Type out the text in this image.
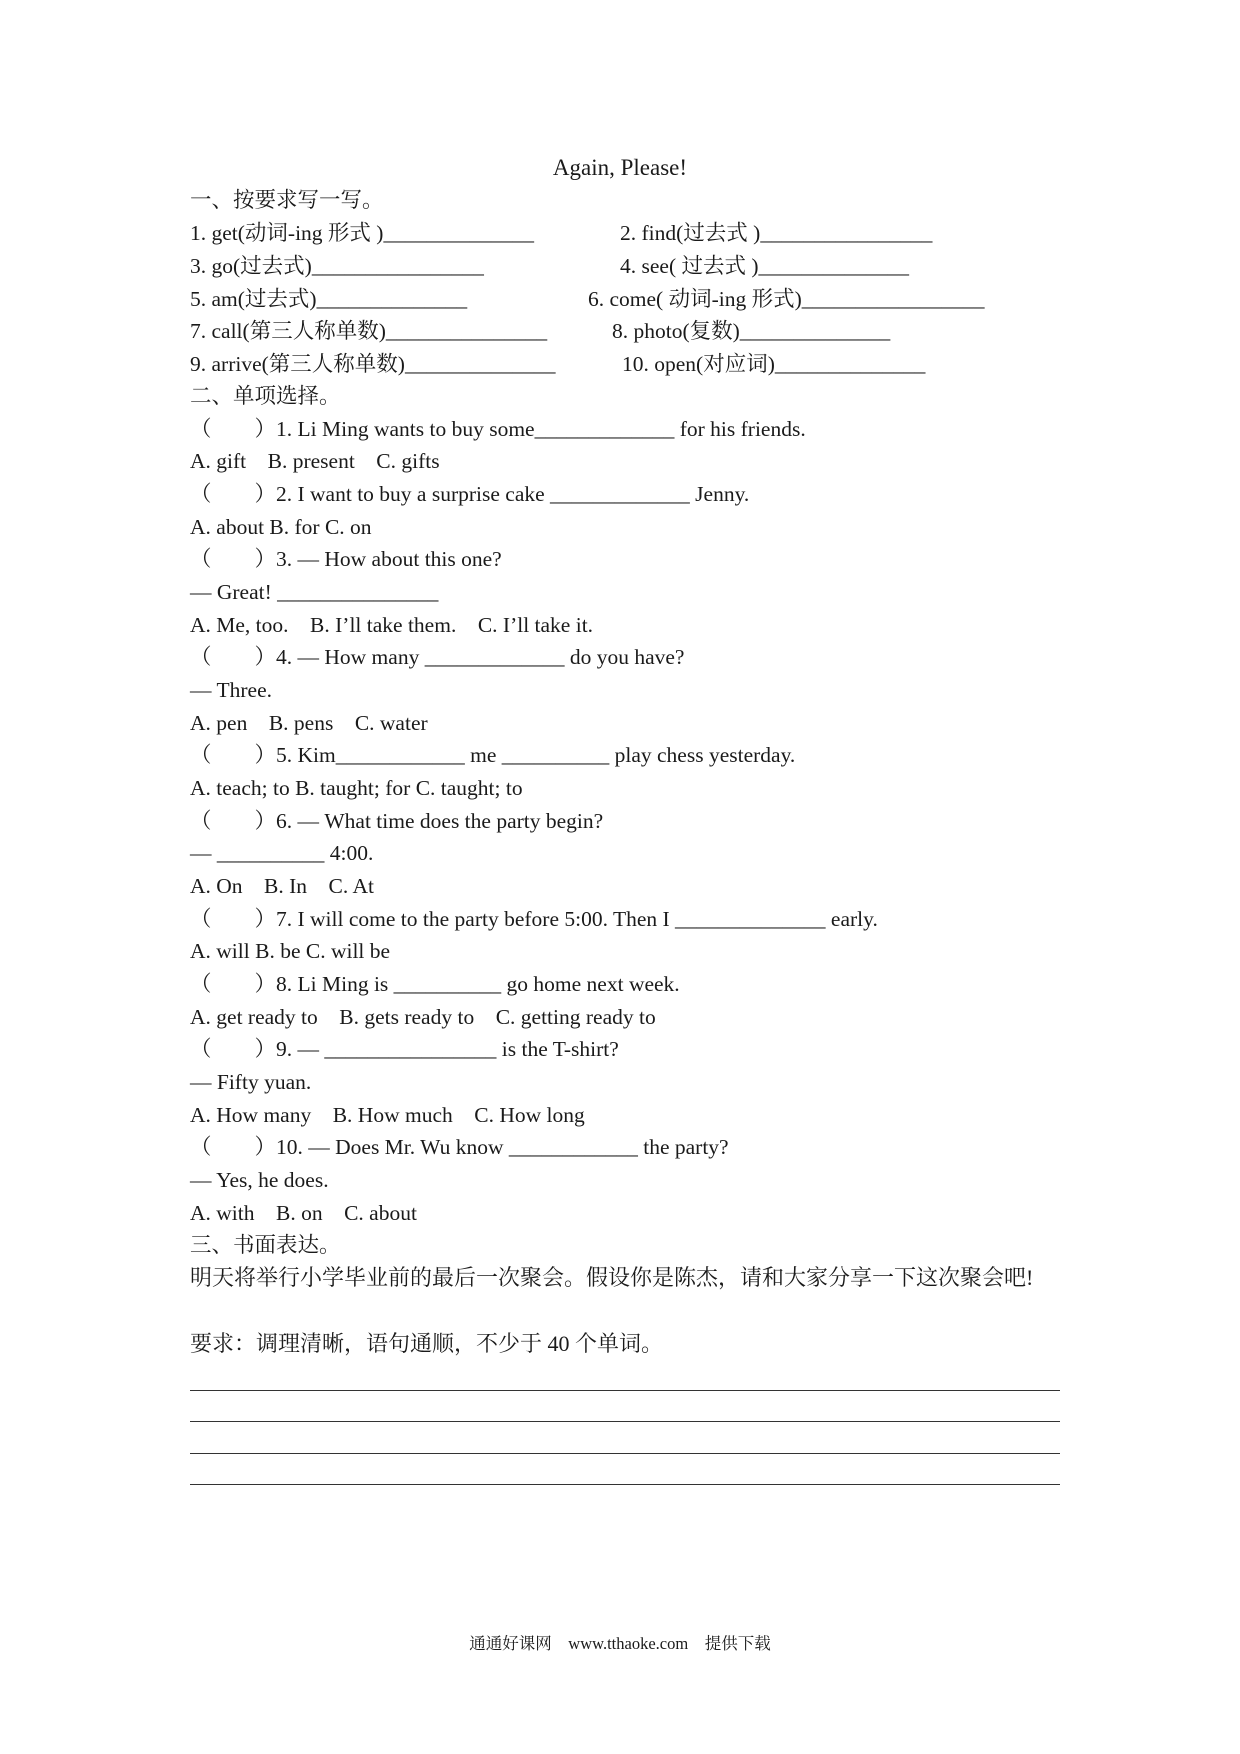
Again, Please!
一、按要求写一写。
1. get(动词-ing 形式 )______________	2. find(过去式 )________________
3. go(过去式)________________	4. see( 过去式 )______________
5. am(过去式)______________	6. come( 动词-ing 形式)_________________
7. call(第三人称单数)_______________	8. photo(复数)______________
9. arrive(第三人称单数)______________	10. open(对应词)______________
二、单项选择。
（　　）1. Li Ming wants to buy some_____________ for his friends.
A. gift　B. present　C. gifts
（　　）2. I want to buy a surprise cake _____________ Jenny.
A. about B. for C. on
（　　）3. — How about this one?
— Great! _______________
A. Me, too.　B. I’ll take them.　C. I’ll take it.
（　　）4. — How many _____________ do you have?
— Three.
A. pen　B. pens　C. water
（　　）5. Kim____________ me __________ play chess yesterday.
A. teach; to B. taught; for C. taught; to
（　　）6. — What time does the party begin?
— __________ 4:00.
A. On　B. In　C. At
（　　）7. I will come to the party before 5:00. Then I ______________ early.
A. will B. be C. will be
（　　）8. Li Ming is __________ go home next week.
A. get ready to　B. gets ready to　C. getting ready to
（　　）9. — ________________ is the T-shirt?
— Fifty yuan.
A. How many　B. How much　C. How long
（　　）10. — Does Mr. Wu know ____________ the party?
— Yes, he does.
A. with　B. on　C. about
三、书面表达。
明天将举行小学毕业前的最后一次聚会。假设你是陈杰，请和大家分享一下这次聚会吧!
要求：调理清晰，语句通顺，不少于 40 个单词。
通通好课网　www.tthaoke.com　提供下载
